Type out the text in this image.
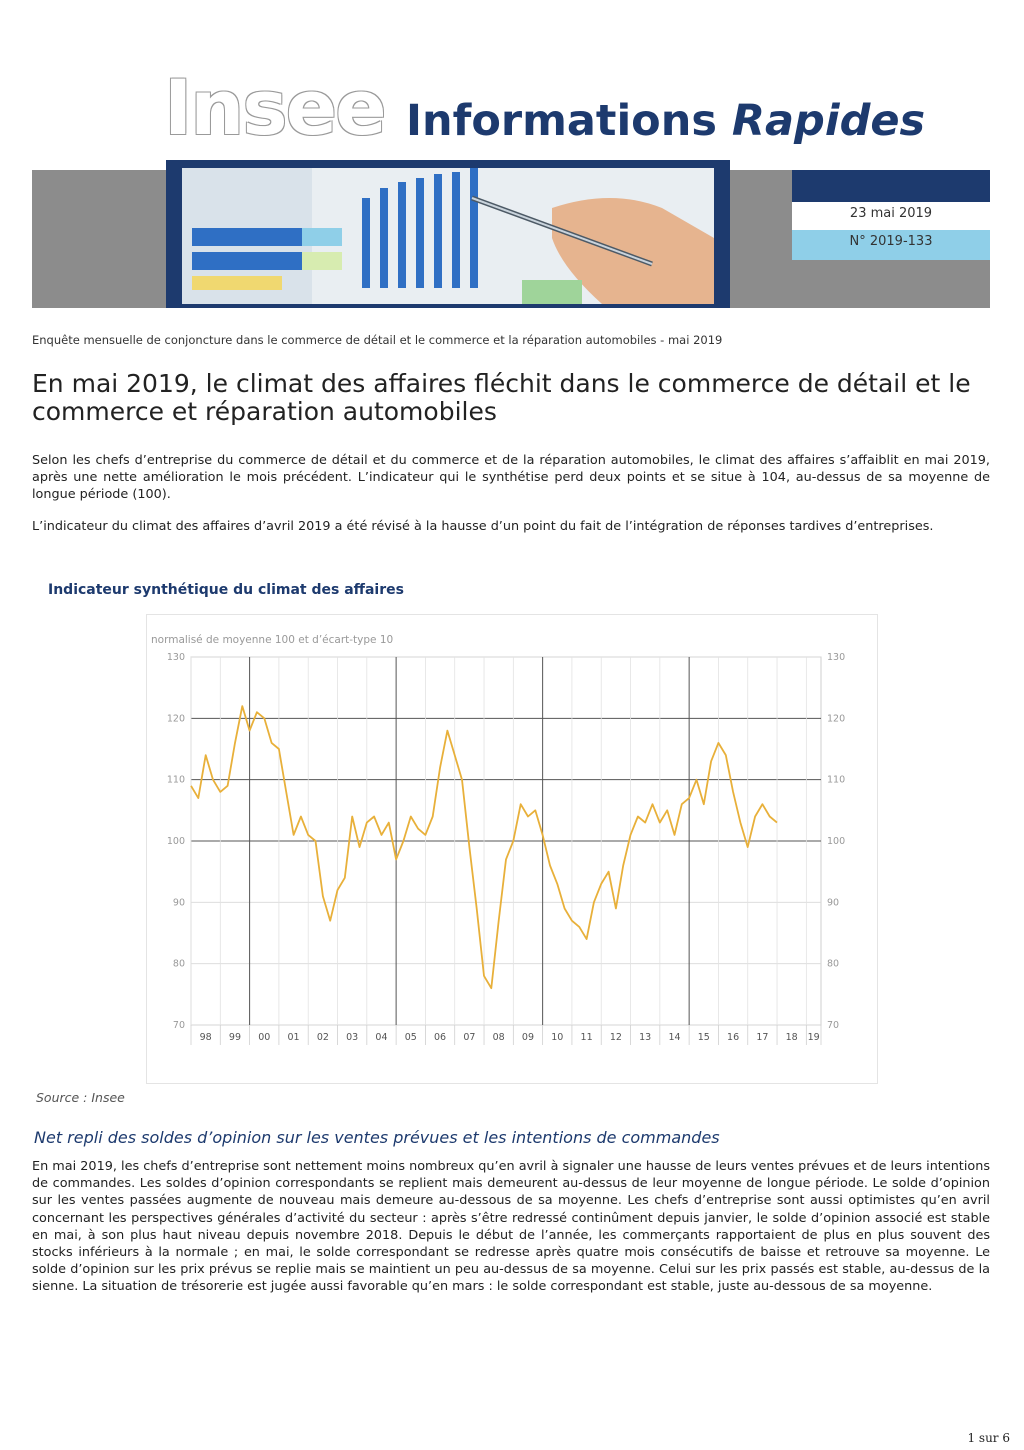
Insee Informations Rapides
23 mai 2019
N° 2019-133
Enquête mensuelle de conjoncture dans le commerce de détail et le commerce et la réparation automobiles - mai 2019
En mai 2019, le climat des affaires fléchit dans le commerce de détail et le commerce et réparation automobiles
Selon les chefs d’entreprise du commerce de détail et du commerce et de la réparation automobiles, le climat des affaires s’affaiblit en mai 2019, après une nette amélioration le mois précédent. L’indicateur qui le synthétise perd deux points et se situe à 104, au-dessus de sa moyenne de longue période (100).
L’indicateur du climat des affaires d’avril 2019 a été révisé à la hausse d’un point du fait de l’intégration de réponses tardives d’entreprises.
Indicateur synthétique du climat des affaires
normalisé de moyenne 100 et d’écart-type 10
70	70
80	80
90	90
100	100
110	110
120	120
130	130
98 99 00 01 02 03 04 05 06 07 08 09 10 11 12 13 14 15 16 17 18 19
Source : Insee
Net repli des soldes d’opinion sur les ventes prévues et les intentions de commandes
En mai 2019, les chefs d’entreprise sont nettement moins nombreux qu’en avril à signaler une hausse de leurs ventes prévues et de leurs intentions de commandes. Les soldes d’opinion correspondants se replient mais demeurent au-dessus de leur moyenne de longue période. Le solde d’opinion sur les ventes passées augmente de nouveau mais demeure au-dessous de sa moyenne. Les chefs d’entreprise sont aussi optimistes qu’en avril concernant les perspectives générales d’activité du secteur : après s’être redressé continûment depuis janvier, le solde d’opinion associé est stable en mai, à son plus haut niveau depuis novembre 2018. Depuis le début de l’année, les commerçants rapportaient de plus en plus souvent des stocks inférieurs à la normale ; en mai, le solde correspondant se redresse après quatre mois consécutifs de baisse et retrouve sa moyenne. Le solde d’opinion sur les prix prévus se replie mais se maintient un peu au-dessus de sa moyenne. Celui sur les prix passés est stable, au-dessus de la sienne. La situation de trésorerie est jugée aussi favorable qu’en mars : le solde correspondant est stable, juste au-dessous de sa moyenne.
1 sur 6
